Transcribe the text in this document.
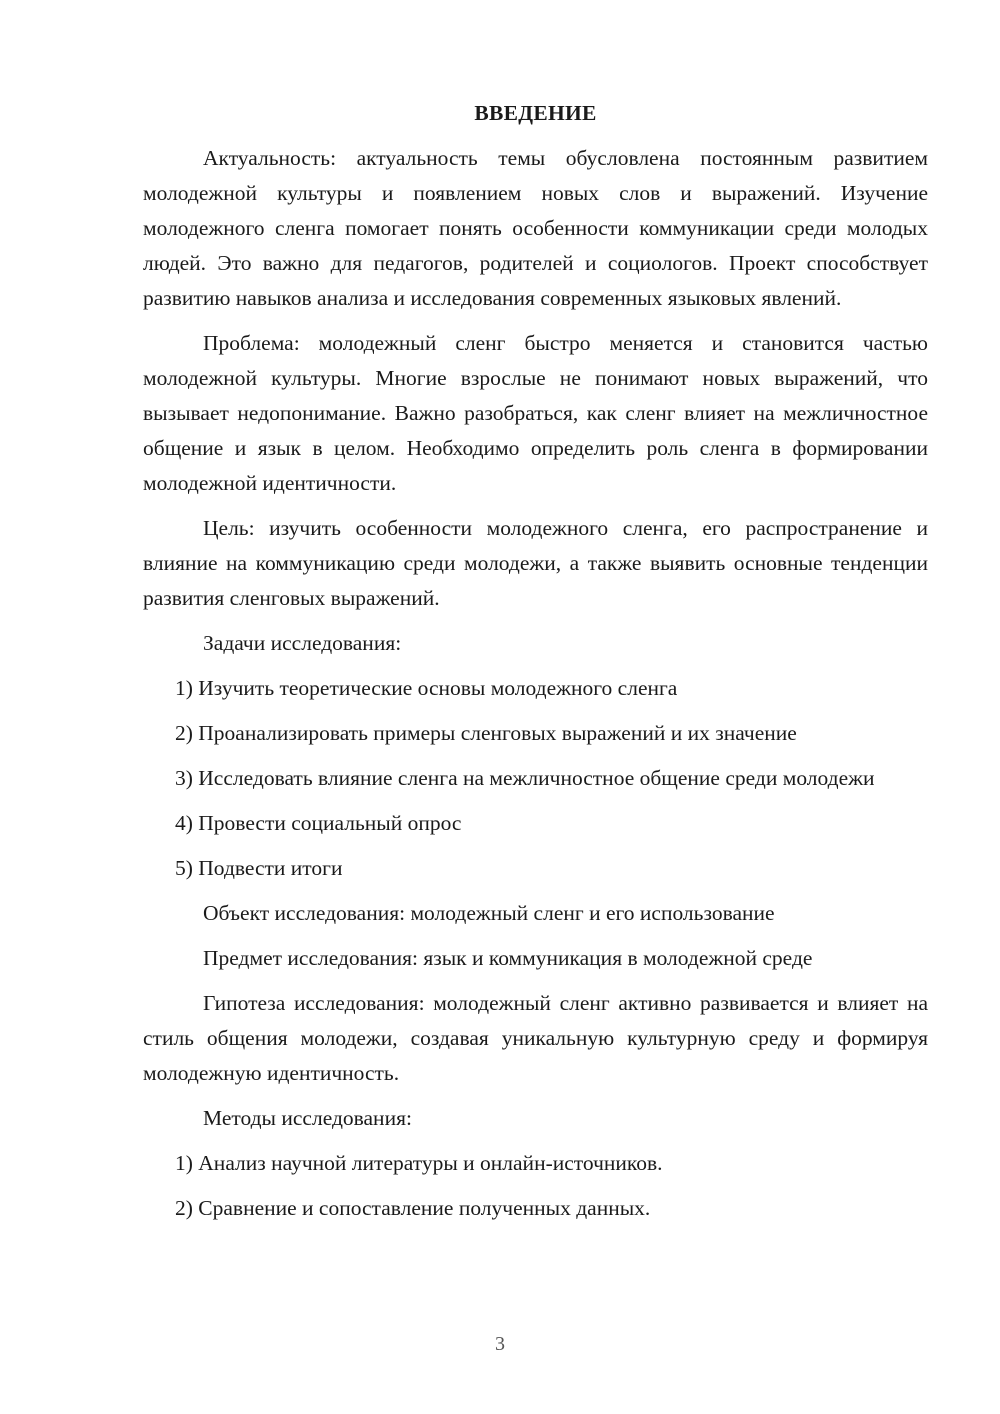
ВВЕДЕНИЕ

Актуальность: актуальность темы обусловлена постоянным развитием молодежной культуры и появлением новых слов и выражений. Изучение молодежного сленга помогает понять особенности коммуникации среди молодых людей. Это важно для педагогов, родителей и социологов. Проект способствует развитию навыков анализа и исследования современных языковых явлений.

Проблема: молодежный сленг быстро меняется и становится частью молодежной культуры. Многие взрослые не понимают новых выражений, что вызывает недопонимание. Важно разобраться, как сленг влияет на межличностное общение и язык в целом. Необходимо определить роль сленга в формировании молодежной идентичности.

Цель: изучить особенности молодежного сленга, его распространение и влияние на коммуникацию среди молодежи, а также выявить основные тенденции развития сленговых выражений.

Задачи исследования:

1) Изучить теоретические основы молодежного сленга

2) Проанализировать примеры сленговых выражений и их значение

3) Исследовать влияние сленга на межличностное общение среди молодежи

4) Провести социальный опрос

5) Подвести итоги

Объект исследования: молодежный сленг и его использование

Предмет исследования: язык и коммуникация в молодежной среде

Гипотеза исследования: молодежный сленг активно развивается и влияет на стиль общения молодежи, создавая уникальную культурную среду и формируя молодежную идентичность.

Методы исследования:

1) Анализ научной литературы и онлайн-источников.

2) Сравнение и сопоставление полученных данных.

3
